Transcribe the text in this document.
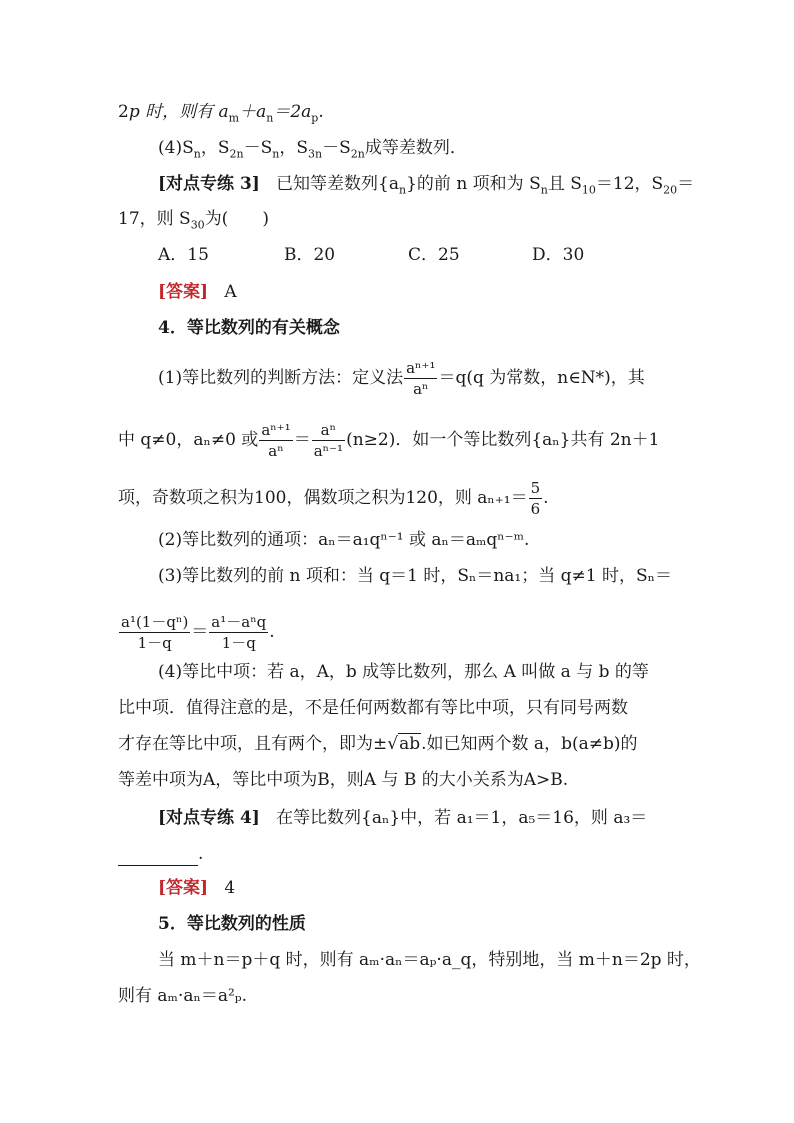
2p 时，则有 $a_m+a_n=2a_p$.
$(4)S_n$，$S_{2n}-S_n$，$S_{3n}-S_{2n}$成等差数列．
[对点专练 3] 已知等差数列$\{a_n\}$的前 n 项和为 $S_n$且 $S_{10}=12$，$S_{20}=$
17，则 $S_{30}$为(　　)
A．15	B．20	C．25	D．30
[答案] A
4．等比数列的有关概念
(1)等比数列的判断方法：定义法 $\frac{\text{aⁿ⁺¹}}{\text{aⁿ}} =q(q$ 为常数，n∈N*)，其
中 q≠0，aₙ≠0 或 $\frac{\text{aⁿ⁺¹}}{\text{aⁿ}} = \frac{\text{aⁿ}}{\text{aⁿ⁻¹}} (n\ge 2)$．如一个等比数列{aₙ}共有 2n＋1
项，奇数项之积为100，偶数项之积为120，则 $a_{n+1}= \frac{5}{6}$ .
(2)等比数列的通项：aₙ＝a₁qⁿ⁻¹ 或 aₙ＝aₘqⁿ⁻ᵐ.
(3)等比数列的前 n 项和：当 q＝1 时，Sₙ＝na₁；当 q≠1 时，Sₙ＝
$\frac{\text{a¹(1－qⁿ)}}{1-q} = \frac{\text{a¹－aⁿq}}{1-q}$ .
(4)等比中项：若 a，A，b 成等比数列，那么 A 叫做 a 与 b 的等
比中项．值得注意的是，不是任何两数都有等比中项，只有同号两数
才存在等比中项，且有两个，即为±√ab.如已知两个数 a，b(a≠b)的
等差中项为A，等比中项为B，则A 与 B 的大小关系为A>B.
[对点专练 4] 在等比数列{aₙ}中，若 a₁＝1，a₅＝16，则 a₃＝
.
[答案] 4
5．等比数列的性质
当 m＋n＝p＋q 时，则有 aₘ·aₙ＝aₚ·a_q，特别地，当 m＋n＝2p 时，
则有 aₘ·aₙ＝a²ₚ.
